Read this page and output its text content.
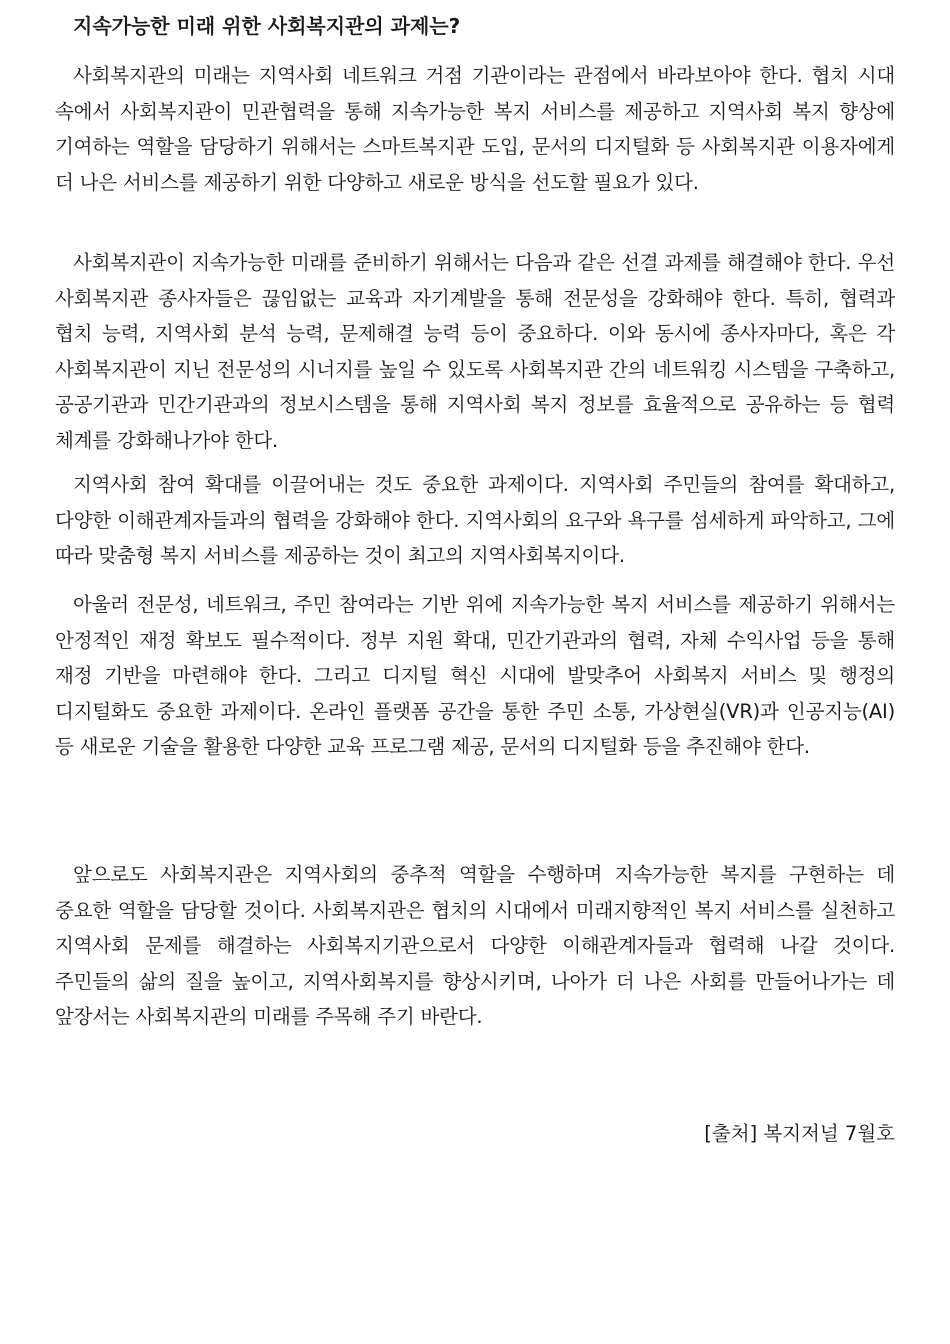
지속가능한 미래 위한 사회복지관의 과제는?

사회복지관의 미래는 지역사회 네트워크 거점 기관이라는 관점에서 바라보아야 한다. 협치 시대 속에서 사회복지관이 민관협력을 통해 지속가능한 복지 서비스를 제공하고 지역사회 복지 향상에 기여하는 역할을 담당하기 위해서는 스마트복지관 도입, 문서의 디지털화 등 사회복지관 이용자에게 더 나은 서비스를 제공하기 위한 다양하고 새로운 방식을 선도할 필요가 있다.

사회복지관이 지속가능한 미래를 준비하기 위해서는 다음과 같은 선결 과제를 해결해야 한다. 우선 사회복지관 종사자들은 끊임없는 교육과 자기계발을 통해 전문성을 강화해야 한다. 특히, 협력과 협치 능력, 지역사회 분석 능력, 문제해결 능력 등이 중요하다. 이와 동시에 종사자마다, 혹은 각 사회복지관이 지닌 전문성의 시너지를 높일 수 있도록 사회복지관 간의 네트워킹 시스템을 구축하고, 공공기관과 민간기관과의 정보시스템을 통해 지역사회 복지 정보를 효율적으로 공유하는 등 협력 체계를 강화해나가야 한다.

지역사회 참여 확대를 이끌어내는 것도 중요한 과제이다. 지역사회 주민들의 참여를 확대하고, 다양한 이해관계자들과의 협력을 강화해야 한다. 지역사회의 요구와 욕구를 섬세하게 파악하고, 그에 따라 맞춤형 복지 서비스를 제공하는 것이 최고의 지역사회복지이다.

아울러 전문성, 네트워크, 주민 참여라는 기반 위에 지속가능한 복지 서비스를 제공하기 위해서는 안정적인 재정 확보도 필수적이다. 정부 지원 확대, 민간기관과의 협력, 자체 수익사업 등을 통해 재정 기반을 마련해야 한다. 그리고 디지털 혁신 시대에 발맞추어 사회복지 서비스 및 행정의 디지털화도 중요한 과제이다. 온라인 플랫폼 공간을 통한 주민 소통, 가상현실(VR)과 인공지능(AI) 등 새로운 기술을 활용한 다양한 교육 프로그램 제공, 문서의 디지털화 등을 추진해야 한다.

앞으로도 사회복지관은 지역사회의 중추적 역할을 수행하며 지속가능한 복지를 구현하는 데 중요한 역할을 담당할 것이다. 사회복지관은 협치의 시대에서 미래지향적인 복지 서비스를 실천하고 지역사회 문제를 해결하는 사회복지기관으로서 다양한 이해관계자들과 협력해 나갈 것이다. 주민들의 삶의 질을 높이고, 지역사회복지를 향상시키며, 나아가 더 나은 사회를 만들어나가는 데 앞장서는 사회복지관의 미래를 주목해 주기 바란다.

[출처] 복지저널 7월호
